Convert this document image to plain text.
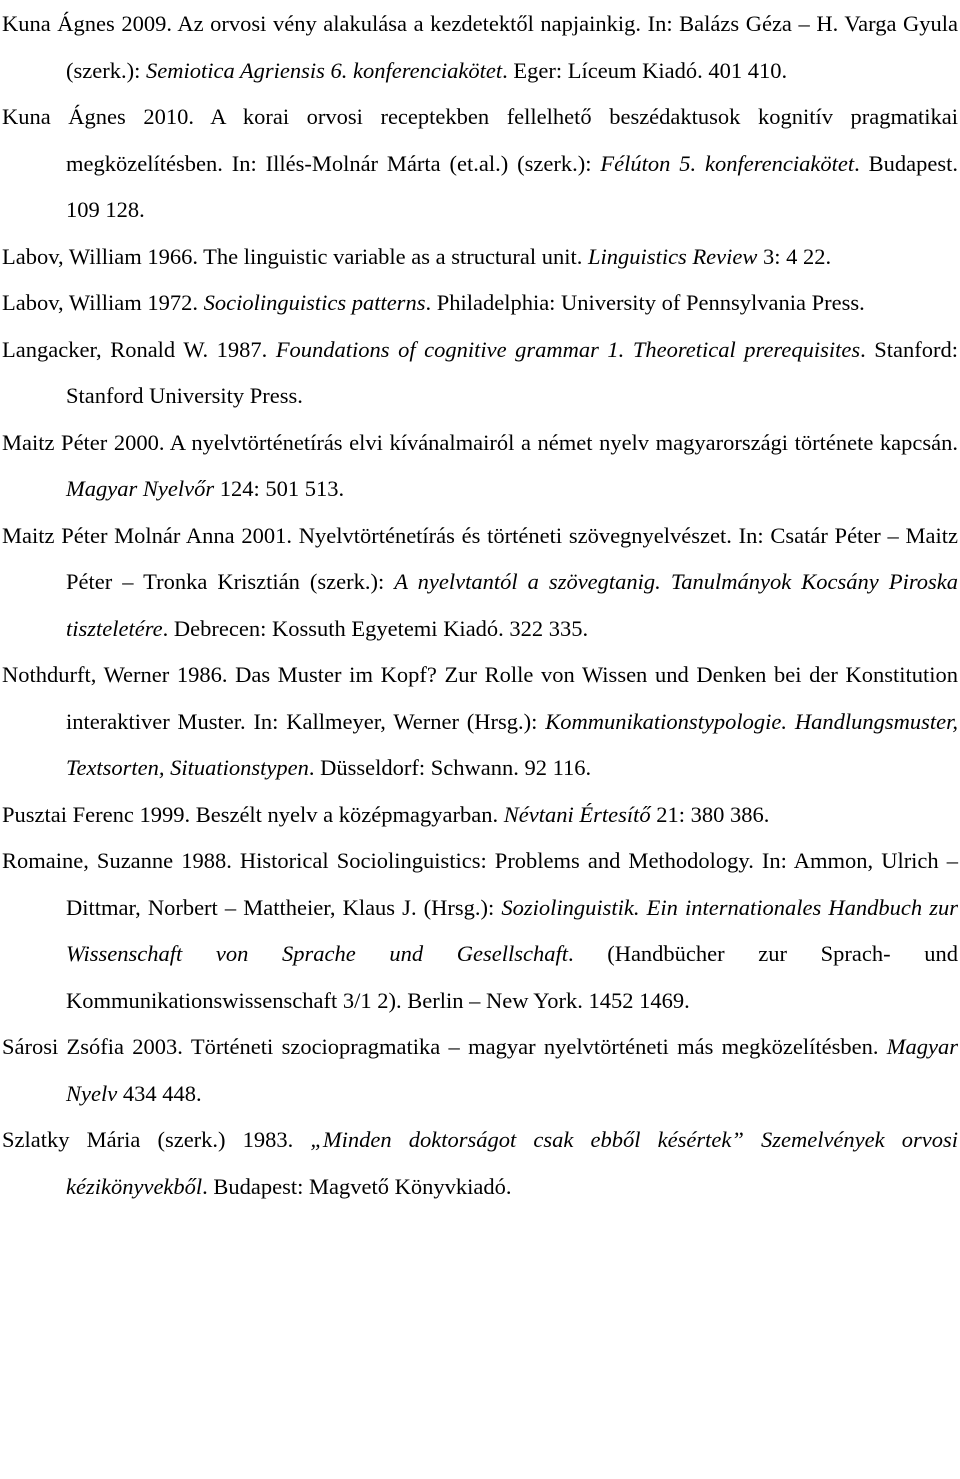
Kuna Ágnes 2009. Az orvosi vény alakulása a kezdetektől napjainkig. In: Balázs Géza – H. Varga Gyula (szerk.): Semiotica Agriensis 6. konferenciakötet. Eger: Líceum Kiadó. 401 410.

Kuna Ágnes 2010. A korai orvosi receptekben fellelhető beszédaktusok kognitív pragmatikai megközelítésben. In: Illés-Molnár Márta (et.al.) (szerk.): Félúton 5. konferenciakötet. Budapest. 109 128.

Labov, William 1966. The linguistic variable as a structural unit. Linguistics Review 3: 4 22.

Labov, William 1972. Sociolinguistics patterns. Philadelphia: University of Pennsylvania Press.

Langacker, Ronald W. 1987. Foundations of cognitive grammar 1. Theoretical prerequisites. Stanford: Stanford University Press.

Maitz Péter 2000. A nyelvtörténetírás elvi kívánalmairól a német nyelv magyarországi története kapcsán. Magyar Nyelvőr 124: 501 513.

Maitz Péter Molnár Anna 2001. Nyelvtörténetírás és történeti szövegnyelvészet. In: Csatár Péter – Maitz Péter – Tronka Krisztián (szerk.): A nyelvtantól a szövegtanig. Tanulmányok Kocsány Piroska tiszteletére. Debrecen: Kossuth Egyetemi Kiadó. 322 335.

Nothdurft, Werner 1986. Das Muster im Kopf? Zur Rolle von Wissen und Denken bei der Konstitution interaktiver Muster. In: Kallmeyer, Werner (Hrsg.): Kommunikationstypologie. Handlungsmuster, Textsorten, Situationstypen. Düsseldorf: Schwann. 92 116.

Pusztai Ferenc 1999. Beszélt nyelv a középmagyarban. Névtani Értesítő 21: 380 386.

Romaine, Suzanne 1988. Historical Sociolinguistics: Problems and Methodology. In: Ammon, Ulrich – Dittmar, Norbert – Mattheier, Klaus J. (Hrsg.): Soziolinguistik. Ein internationales Handbuch zur Wissenschaft von Sprache und Gesellschaft. (Handbücher zur Sprach- und Kommunikationswissenschaft 3/1 2). Berlin – New York. 1452 1469.

Sárosi Zsófia 2003. Történeti szociopragmatika – magyar nyelvtörténeti más megközelítésben. Magyar Nyelv 434 448.

Szlatky Mária (szerk.) 1983. „Minden doktorságot csak ebből késértek” Szemelvények orvosi kézikönyvekből. Budapest: Magvető Könyvkiadó.
